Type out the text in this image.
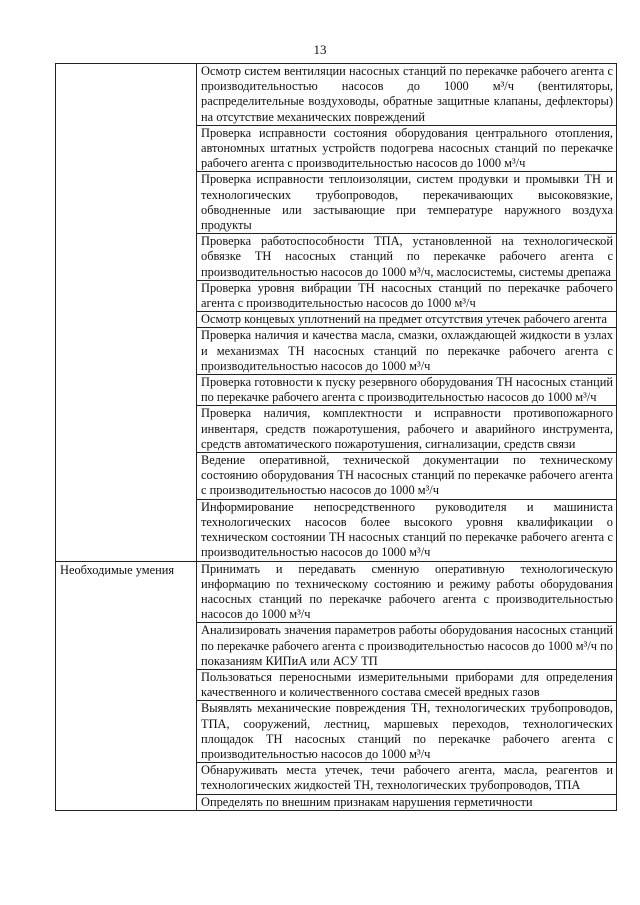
13

	Осмотр систем вентиляции насосных станций по перекачке рабочего агента с производительностью насосов до 1000 м³/ч (вентиляторы, распределительные воздуховоды, обратные защитные клапаны, дефлекторы) на отсутствие механических повреждений

	Проверка исправности состояния оборудования центрального отопления, автономных штатных устройств подогрева насосных станций по перекачке рабочего агента с производительностью насосов до 1000 м³/ч

	Проверка исправности теплоизоляции, систем продувки и промывки ТН и технологических трубопроводов, перекачивающих высоковязкие, обводненные или застывающие при температуре наружного воздуха продукты

	Проверка работоспособности ТПА, установленной на технологической обвязке ТН насосных станций по перекачке рабочего агента с производительностью насосов до 1000 м³/ч, маслосистемы, системы дрепажа

	Проверка уровня вибрации ТН насосных станций по перекачке рабочего агента с производительностью насосов до 1000 м³/ч

	Осмотр концевых уплотнений на предмет отсутствия утечек рабочего агента

	Проверка наличия и качества масла, смазки, охлаждающей жидкости в узлах и механизмах ТН насосных станций по перекачке рабочего агента с производительностью насосов до 1000 м³/ч

	Проверка готовности к пуску резервного оборудования ТН насосных станций по перекачке рабочего агента с производительностью насосов до 1000 м³/ч

	Проверка наличия, комплектности и исправности противопожарного инвентаря, средств пожаротушения, рабочего и аварийного инструмента, средств автоматического пожаротушения, сигнализации, средств связи

	Ведение оперативной, технической документации по техническому состоянию оборудования ТН насосных станций по перекачке рабочего агента с производительностью насосов до 1000 м³/ч

	Информирование непосредственного руководителя и машиниста технологических насосов более высокого уровня квалификации о техническом состоянии ТН насосных станций по перекачке рабочего агента с производительностью насосов до 1000 м³/ч

Необходимые умения	Принимать и передавать сменную оперативную технологическую информацию по техническому состоянию и режиму работы оборудования насосных станций по перекачке рабочего агента с производительностью насосов до 1000 м³/ч

	Анализировать значения параметров работы оборудования насосных станций по перекачке рабочего агента с производительностью насосов до 1000 м³/ч по показаниям КИПиА или АСУ ТП

	Пользоваться переносными измерительными приборами для определения качественного и количественного состава смесей вредных газов

	Выявлять механические повреждения ТН, технологических трубопроводов, ТПА, сооружений, лестниц, маршевых переходов, технологических площадок ТН насосных станций по перекачке рабочего агента с производительностью насосов до 1000 м³/ч

	Обнаруживать места утечек, течи рабочего агента, масла, реагентов и технологических жидкостей ТН, технологических трубопроводов, ТПА

	Определять по внешним признакам нарушения герметичности
